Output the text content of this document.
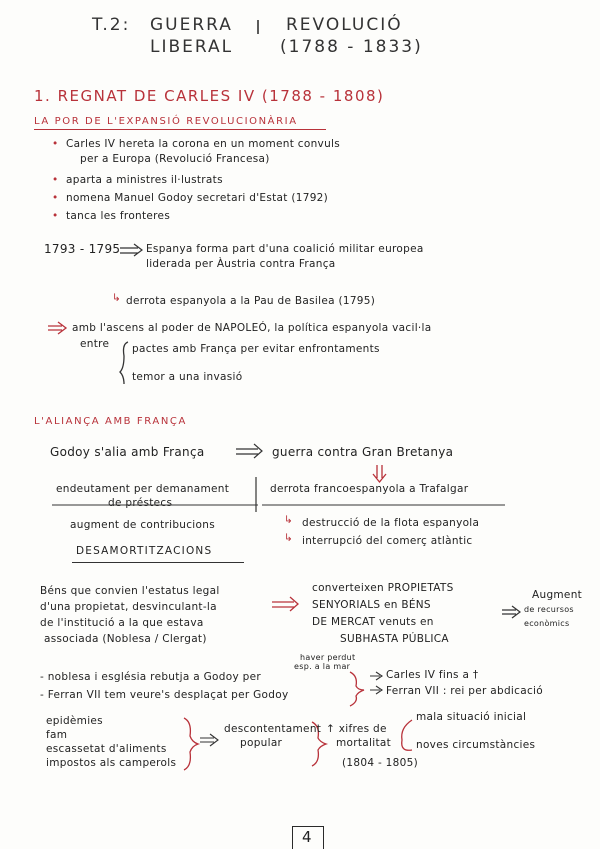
T.2: GUERRA	REVOLUCIÓ
LIBERAL	(1788 - 1833)
1. REGNAT DE CARLES IV (1788 - 1808)
LA POR DE L'EXPANSIÓ REVOLUCIONÀRIA
• Carles IV hereta la corona en un moment convuls
per a Europa (Revolució Francesa)
• aparta a ministres il·lustrats
• nomena Manuel Godoy secretari d'Estat (1792)
• tanca les fronteres
1793 - 1795 Espanya forma part d'una coalició militar europea
liderada per Àustria contra França
↳ derrota espanyola a la Pau de Basilea (1795)
amb l'ascens al poder de NAPOLEÓ, la política espanyola vacil·la
entre pactes amb França per evitar enfrontaments
temor a una invasió
L'ALIANÇA AMB FRANÇA
Godoy s'alia amb França	guerra contra Gran Bretanya
derrota francoespanyola a Trafalgar
↳ destrucció de la flota espanyola
↳ interrupció del comerç atlàntic
endeutament per demanament
de préstecs
augment de contribucions
DESAMORTITZACIONS
Béns que convien l'estatus legal
d'una propietat, desvinculant-la
de l'institució a la que estava
associada (Noblesa / Clergat)
converteixen PROPIETATS
SENYORIALS en BÉNS
DE MERCAT venuts en
SUBHASTA PÚBLICA
Augment
de recursos
econòmics
- noblesa i església rebutja a Godoy per
haver perdut
esp. a la mar
- Ferran VII tem veure's desplaçat per Godoy
Carles IV fins a †
Ferran VII : rei per abdicació
epidèmies
fam
escassetat d'aliments
impostos als camperols
descontentament
popular
↑ xifres de
mortalitat
(1804 - 1805)
mala situació inicial
noves circumstàncies
4
